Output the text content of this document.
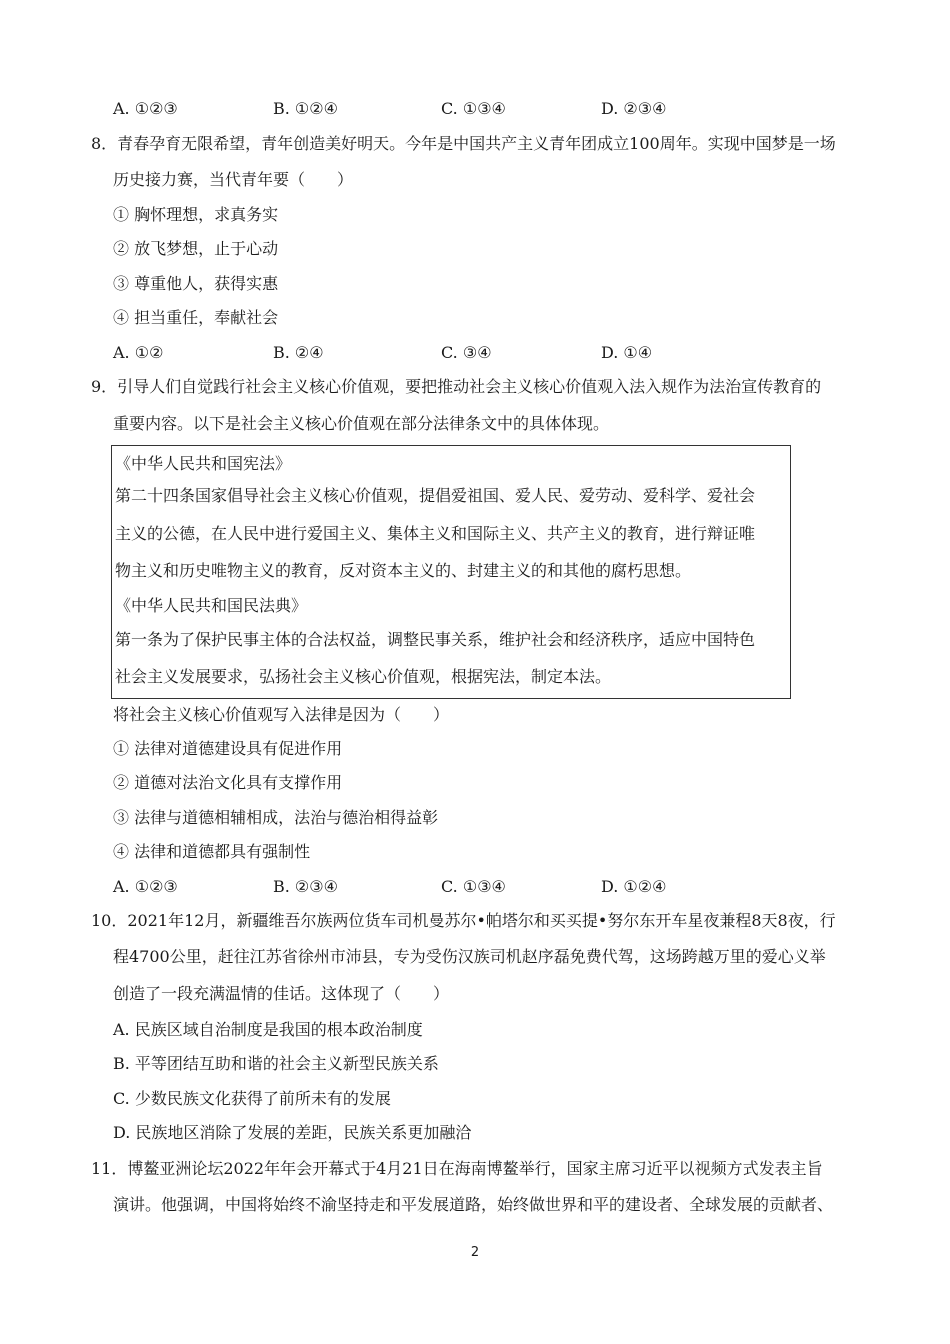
A. ①②③	B. ①②④	C. ①③④	D. ②③④
8．青春孕育无限希望，青年创造美好明天。今年是中国共产主义青年团成立100周年。实现中国梦是一场
历史接力赛，当代青年要（　　）
① 胸怀理想，求真务实
② 放飞梦想，止于心动
③ 尊重他人，获得实惠
④ 担当重任，奉献社会
A. ①②	B. ②④	C. ③④	D. ①④
9．引导人们自觉践行社会主义核心价值观，要把推动社会主义核心价值观入法入规作为法治宣传教育的
重要内容。以下是社会主义核心价值观在部分法律条文中的具体体现。
《中华人民共和国宪法》
第二十四条国家倡导社会主义核心价值观，提倡爱祖国、爱人民、爱劳动、爱科学、爱社会
主义的公德，在人民中进行爱国主义、集体主义和国际主义、共产主义的教育，进行辩证唯
物主义和历史唯物主义的教育，反对资本主义的、封建主义的和其他的腐朽思想。
《中华人民共和国民法典》
第一条为了保护民事主体的合法权益，调整民事关系，维护社会和经济秩序，适应中国特色
社会主义发展要求，弘扬社会主义核心价值观，根据宪法，制定本法。
将社会主义核心价值观写入法律是因为（　　）
① 法律对道德建设具有促进作用
② 道德对法治文化具有支撑作用
③ 法律与道德相辅相成，法治与德治相得益彰
④ 法律和道德都具有强制性
A. ①②③	B. ②③④	C. ①③④	D. ①②④
10．2021年12月，新疆维吾尔族两位货车司机曼苏尔•帕塔尔和买买提•努尔东开车星夜兼程8天8夜，行
程4700公里，赶往江苏省徐州市沛县，专为受伤汉族司机赵序磊免费代驾，这场跨越万里的爱心义举
创造了一段充满温情的佳话。这体现了（　　）
A. 民族区域自治制度是我国的根本政治制度
B. 平等团结互助和谐的社会主义新型民族关系
C. 少数民族文化获得了前所未有的发展
D. 民族地区消除了发展的差距，民族关系更加融洽
11．博鳌亚洲论坛2022年年会开幕式于4月21日在海南博鳌举行，国家主席习近平以视频方式发表主旨
演讲。他强调，中国将始终不渝坚持走和平发展道路，始终做世界和平的建设者、全球发展的贡献者、
2
